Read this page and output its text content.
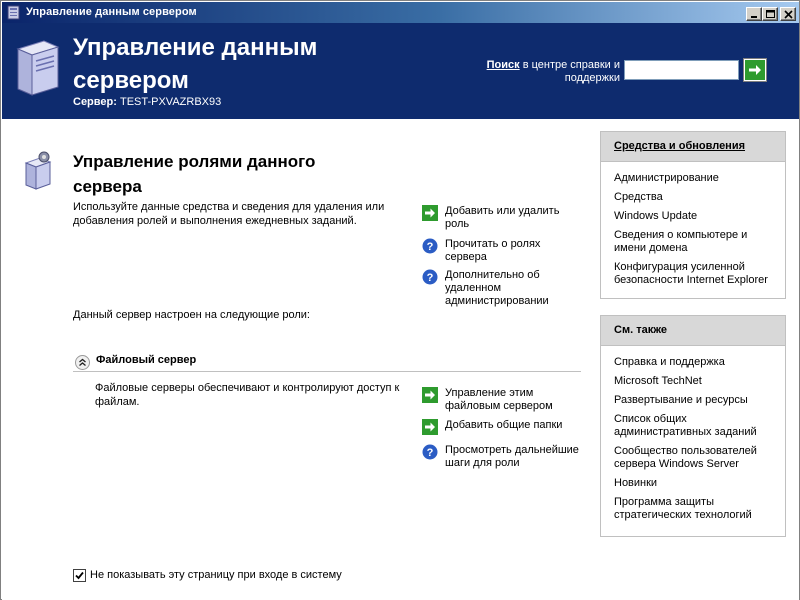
Управление данным сервером
Управление данным сервером
Сервер: TEST-PXVAZRBX93
Поиск в центре справки и поддержки
Управление ролями данного сервера
Используйте данные средства и сведения для удаления или добавления ролей и выполнения ежедневных заданий.
Добавить или удалить роль
?	Прочитать о ролях сервера
?	Дополнительно об удаленном администрировании
Данный сервер настроен на следующие роли:
Файловый сервер
Файловые серверы обеспечивают и контролируют доступ к файлам.
Управление этим файловым сервером
Добавить общие папки
?	Просмотреть дальнейшие шаги для роли
Средства и обновления
Администрирование
Средства
Windows Update
Сведения о компьютере и имени домена
Конфигурация усиленной безопасности Internet Explorer
См. также
Справка и поддержка
Microsoft TechNet
Развертывание и ресурсы
Список общих административных заданий
Сообщество пользователей сервера Windows Server
Новинки
Программа защиты стратегических технологий
Не показывать эту страницу при входе в систему
